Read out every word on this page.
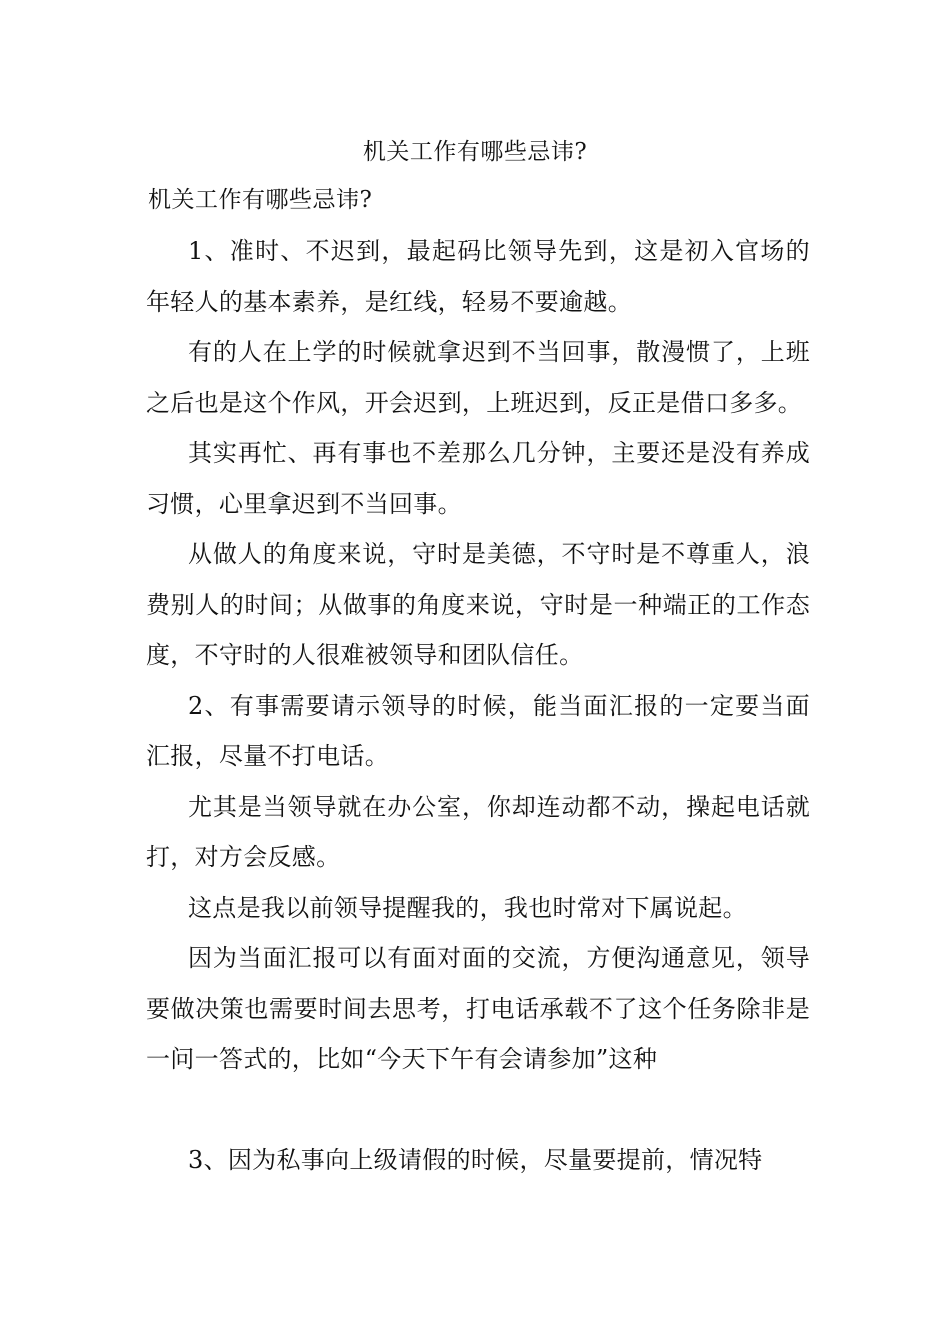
机关工作有哪些忌讳?
机关工作有哪些忌讳?

1、准时、不迟到，最起码比领导先到，这是初入官场的年轻人的基本素养，是红线，轻易不要逾越。

有的人在上学的时候就拿迟到不当回事，散漫惯了，上班之后也是这个作风，开会迟到，上班迟到，反正是借口多多。

其实再忙、再有事也不差那么几分钟，主要还是没有养成习惯，心里拿迟到不当回事。

从做人的角度来说，守时是美德，不守时是不尊重人，浪费别人的时间；从做事的角度来说，守时是一种端正的工作态度，不守时的人很难被领导和团队信任。

2、有事需要请示领导的时候，能当面汇报的一定要当面汇报，尽量不打电话。

尤其是当领导就在办公室，你却连动都不动，操起电话就打，对方会反感。

这点是我以前领导提醒我的，我也时常对下属说起。

因为当面汇报可以有面对面的交流，方便沟通意见，领导要做决策也需要时间去思考，打电话承载不了这个任务除非是一问一答式的，比如“今天下午有会请参加”这种

3、因为私事向上级请假的时候，尽量要提前，情况特
